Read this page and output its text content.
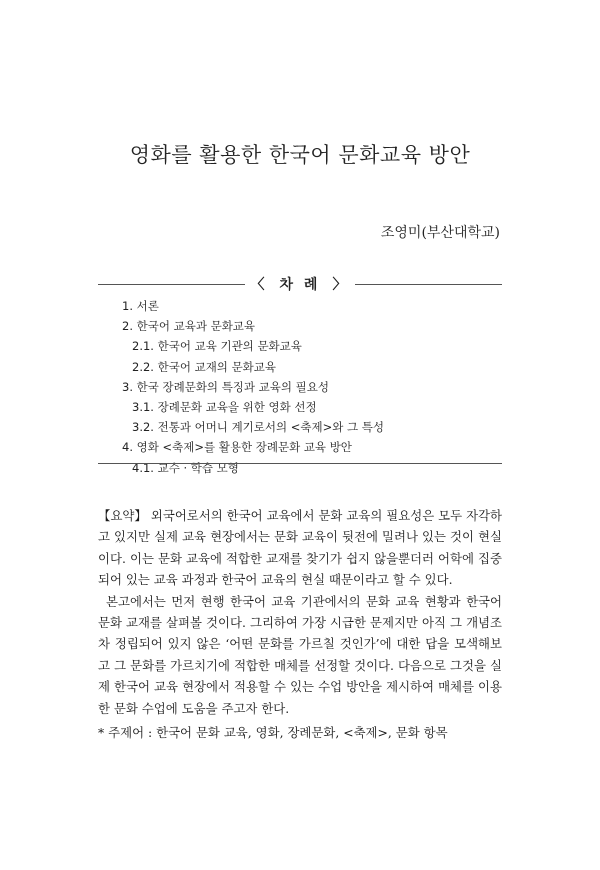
영화를 활용한 한국어 문화교육 방안
조영미(부산대학교)
〈 차 례 〉
1. 서론
2. 한국어 교육과 문화교육
2.1. 한국어 교육 기관의 문화교육
2.2. 한국어 교재의 문화교육
3. 한국 장례문화의 특징과 교육의 필요성
3.1. 장례문화 교육을 위한 영화 선정
3.2. 전통과 어머니 계기로서의 <축제>와 그 특성
4. 영화 <축제>를 활용한 장례문화 교육 방안
4.1. 교수 · 학습 모형

【요약】 외국어로서의 한국어 교육에서 문화 교육의 필요성은 모두 자각하고 있지만 실제 교육 현장에서는 문화 교육이 뒷전에 밀려나 있는 것이 현실이다. 이는 문화 교육에 적합한 교재를 찾기가 쉽지 않을뿐더러 어학에 집중되어 있는 교육 과정과 한국어 교육의 현실 때문이라고 할 수 있다.

본고에서는 먼저 현행 한국어 교육 기관에서의 문화 교육 현황과 한국어 문화 교재를 살펴볼 것이다. 그리하여 가장 시급한 문제지만 아직 그 개념조차 정립되어 있지 않은 ‘어떤 문화를 가르칠 것인가’에 대한 답을 모색해보고 그 문화를 가르치기에 적합한 매체를 선정할 것이다. 다음으로 그것을 실제 한국어 교육 현장에서 적용할 수 있는 수업 방안을 제시하여 매체를 이용한 문화 수업에 도움을 주고자 한다.

* 주제어 : 한국어 문화 교육, 영화, 장례문화, <축제>, 문화 항목
